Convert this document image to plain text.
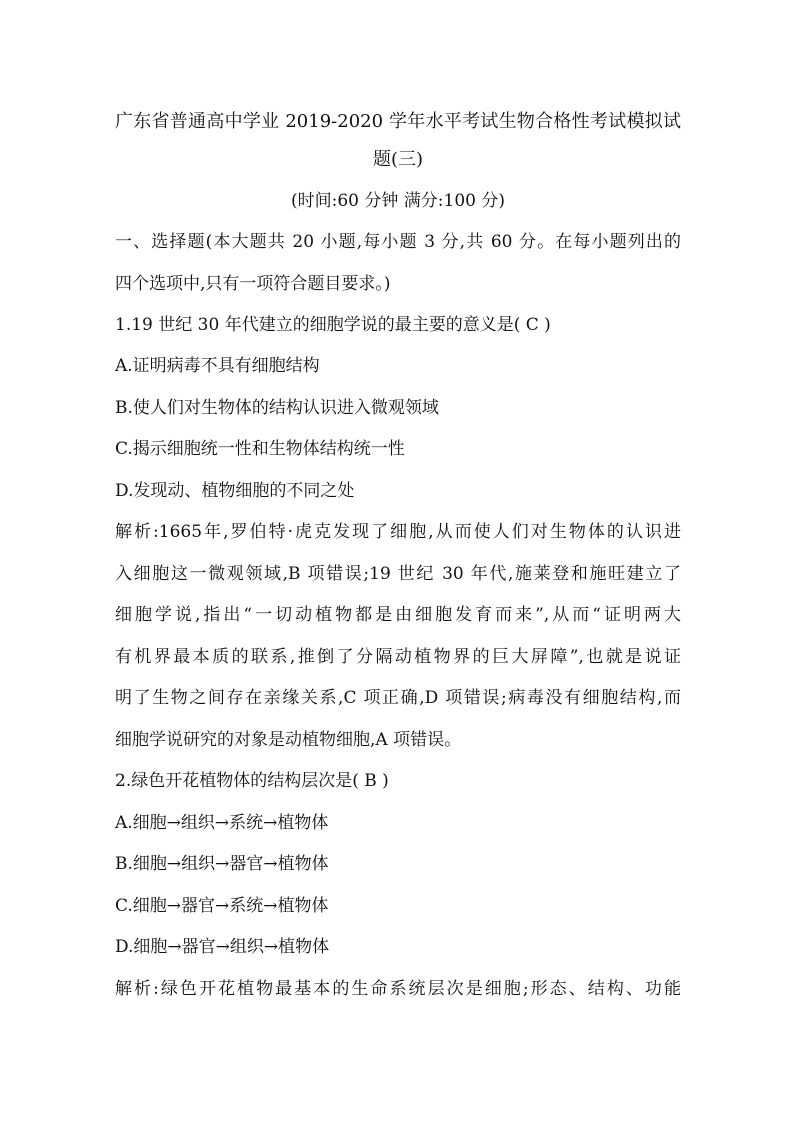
广东省普通高中学业 2019-2020 学年水平考试生物合格性考试模拟试
题(三)
(时间:60 分钟 满分:100 分)
一、选择题(本大题共 20 小题,每小题 3 分,共 60 分。在每小题列出的
四个选项中,只有一项符合题目要求。)
1.19 世纪 30 年代建立的细胞学说的最主要的意义是( C )
A.证明病毒不具有细胞结构
B.使人们对生物体的结构认识进入微观领域
C.揭示细胞统一性和生物体结构统一性
D.发现动、植物细胞的不同之处
解析:1665年,罗伯特·虎克发现了细胞,从而使人们对生物体的认识进
入细胞这一微观领域,B 项错误;19 世纪 30 年代,施莱登和施旺建立了
细胞学说,指出“一切动植物都是由细胞发育而来”,从而“证明两大
有机界最本质的联系,推倒了分隔动植物界的巨大屏障”,也就是说证
明了生物之间存在亲缘关系,C 项正确,D 项错误;病毒没有细胞结构,而
细胞学说研究的对象是动植物细胞,A 项错误。
2.绿色开花植物体的结构层次是( B )
A.细胞→组织→系统→植物体
B.细胞→组织→器官→植物体
C.细胞→器官→系统→植物体
D.细胞→器官→组织→植物体
解析:绿色开花植物最基本的生命系统层次是细胞;形态、结构、功能
